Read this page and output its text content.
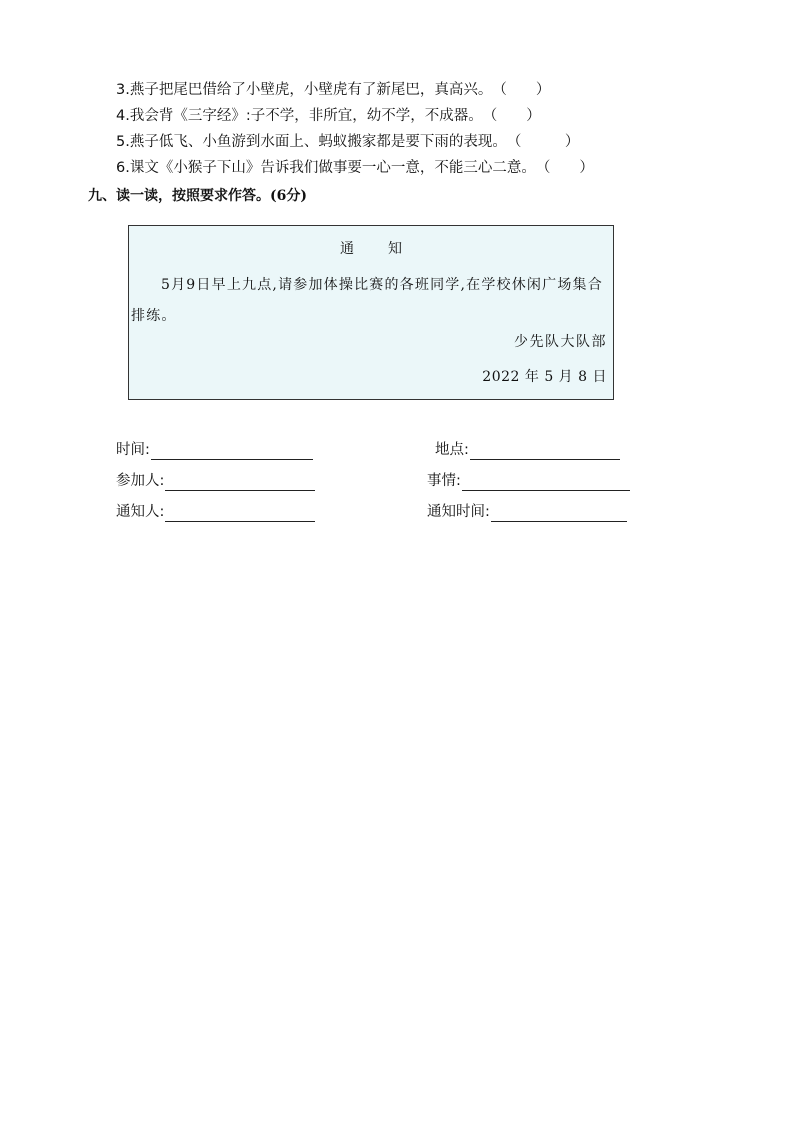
3.燕子把尾巴借给了小壁虎，小壁虎有了新尾巴，真高兴。（　　）
4.我会背《三字经》:子不学，非所宜，幼不学，不成器。（　　）
5.燕子低飞、小鱼游到水面上、蚂蚁搬家都是要下雨的表现。（　　　）
6.课文《小猴子下山》告诉我们做事要一心一意，不能三心二意。（　　）
九、读一读，按照要求作答。(6分)
通知
5月9日早上九点,请参加体操比赛的各班同学,在学校休闲广场集合排练。
少先队大队部
2022 年 5 月 8 日
时间:	地点:
参加人:	事情:
通知人:	通知时间:
